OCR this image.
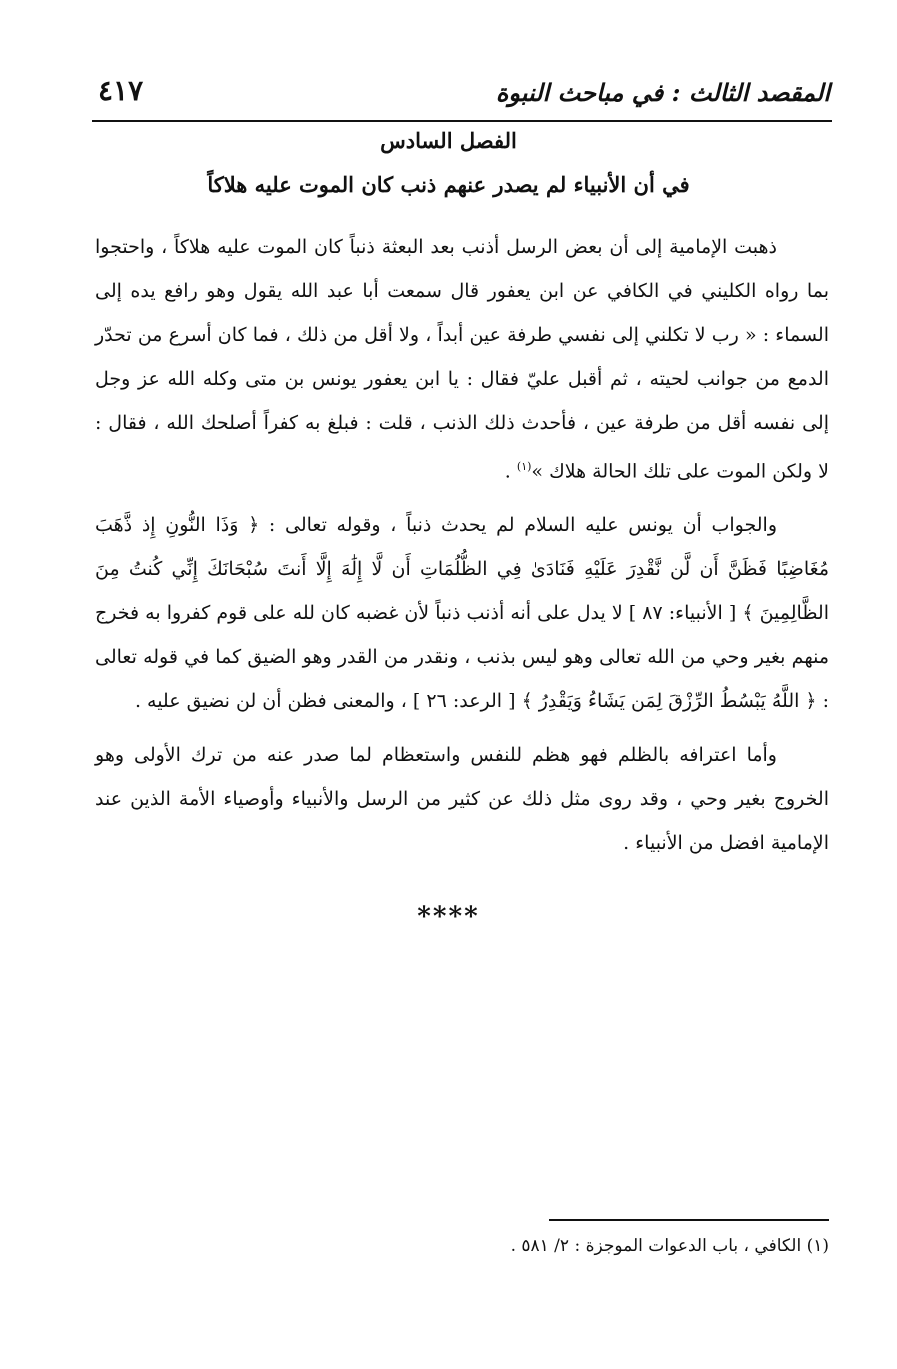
المقصد الثالث : في مباحث النبوة
٤١٧
الفصل السادس
في أن الأنبياء لم يصدر عنهم ذنب كان الموت عليه هلاكاً

ذهبت الإمامية إلى أن بعض الرسل أذنب بعد البعثة ذنباً كان الموت عليه هلاكاً ، واحتجوا بما رواه الكليني في الكافي عن ابن يعفور قال سمعت أبا عبد الله يقول وهو رافع يده إلى السماء : « رب لا تكلني إلى نفسي طرفة عين أبداً ، ولا أقل من ذلك ، فما كان أسرع من تحدّر الدمع من جوانب لحيته ، ثم أقبل عليّ فقال : يا ابن يعفور يونس بن متى وكله الله عز وجل إلى نفسه أقل من طرفة عين ، فأحدث ذلك الذنب ، قلت : فبلغ به كفراً أصلحك الله ، فقال : لا ولكن الموت على تلك الحالة هلاك »$^{(١)}$ .

والجواب أن يونس عليه السلام لم يحدث ذنباً ، وقوله تعالى : ﴿ وَذَا النُّونِ إِذ ذَّهَبَ مُغَاضِبًا فَظَنَّ أَن لَّن نَّقْدِرَ عَلَيْهِ فَنَادَىٰ فِي الظُّلُمَاتِ أَن لَّا إِلَٰهَ إِلَّا أَنتَ سُبْحَانَكَ إِنِّي كُنتُ مِنَ الظَّالِمِينَ ﴾ [ الأنبياء: ٨٧ ] لا يدل على أنه أذنب ذنباً لأن غضبه كان لله على قوم كفروا به فخرج منهم بغير وحي من الله تعالى وهو ليس بذنب ، ونقدر من القدر وهو الضيق كما في قوله تعالى : ﴿ اللَّهُ يَبْسُطُ الرِّزْقَ لِمَن يَشَاءُ وَيَقْدِرُ ﴾ [ الرعد: ٢٦ ] ، والمعنى فظن أن لن نضيق عليه .

وأما اعترافه بالظلم فهو هظم للنفس واستعظام لما صدر عنه من ترك الأولى وهو الخروج بغير وحي ، وقد روى مثل ذلك عن كثير من الرسل والأنبياء وأوصياء الأمة الذين عند الإمامية افضل من الأنبياء .

****
(١) الكافي ، باب الدعوات الموجزة : ٢/ ٥٨١ .
